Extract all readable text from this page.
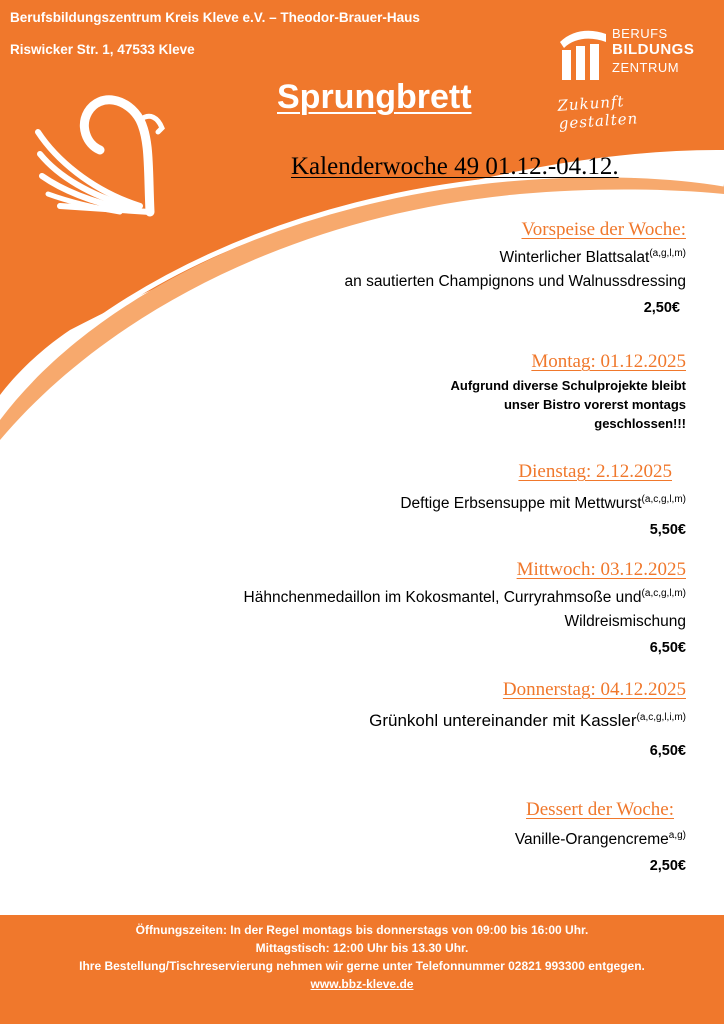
Berufsbildungszentrum Kreis Kleve e.V. – Theodor-Brauer-Haus
Riswicker Str. 1, 47533 Kleve
Sprungbrett
BERUFS
BILDUNGS
ZENTRUM
Zukunft gestalten
Kalenderwoche 49 01.12.-04.12.
Vorspeise der Woche:
Winterlicher Blattsalat$^{(a,g,l,m)}$
an sautierten Champignons und Walnussdressing
2,50€
Montag: 01.12.2025
Aufgrund diverse Schulprojekte bleibt
unser Bistro vorerst montags
geschlossen!!!
Dienstag: 2.12.2025
Deftige Erbsensuppe mit Mettwurst$^{(a,c,g,l,m)}$
5,50€
Mittwoch: 03.12.2025
Hähnchenmedaillon im Kokosmantel, Curryrahmsoße und$^{(a,c,g,l,m)}$
Wildreismischung
6,50€
Donnerstag: 04.12.2025
Grünkohl untereinander mit Kassler$^{(a,c,g,l,i,m)}$
6,50€
Dessert der Woche:
Vanille-Orangencreme$^{a,g)}$
2,50€
Öffnungszeiten: In der Regel montags bis donnerstags von 09:00 bis 16:00 Uhr.
Mittagstisch: 12:00 Uhr bis 13.30 Uhr.
Ihre Bestellung/Tischreservierung nehmen wir gerne unter Telefonnummer 02821 993300 entgegen.
www.bbz-kleve.de
